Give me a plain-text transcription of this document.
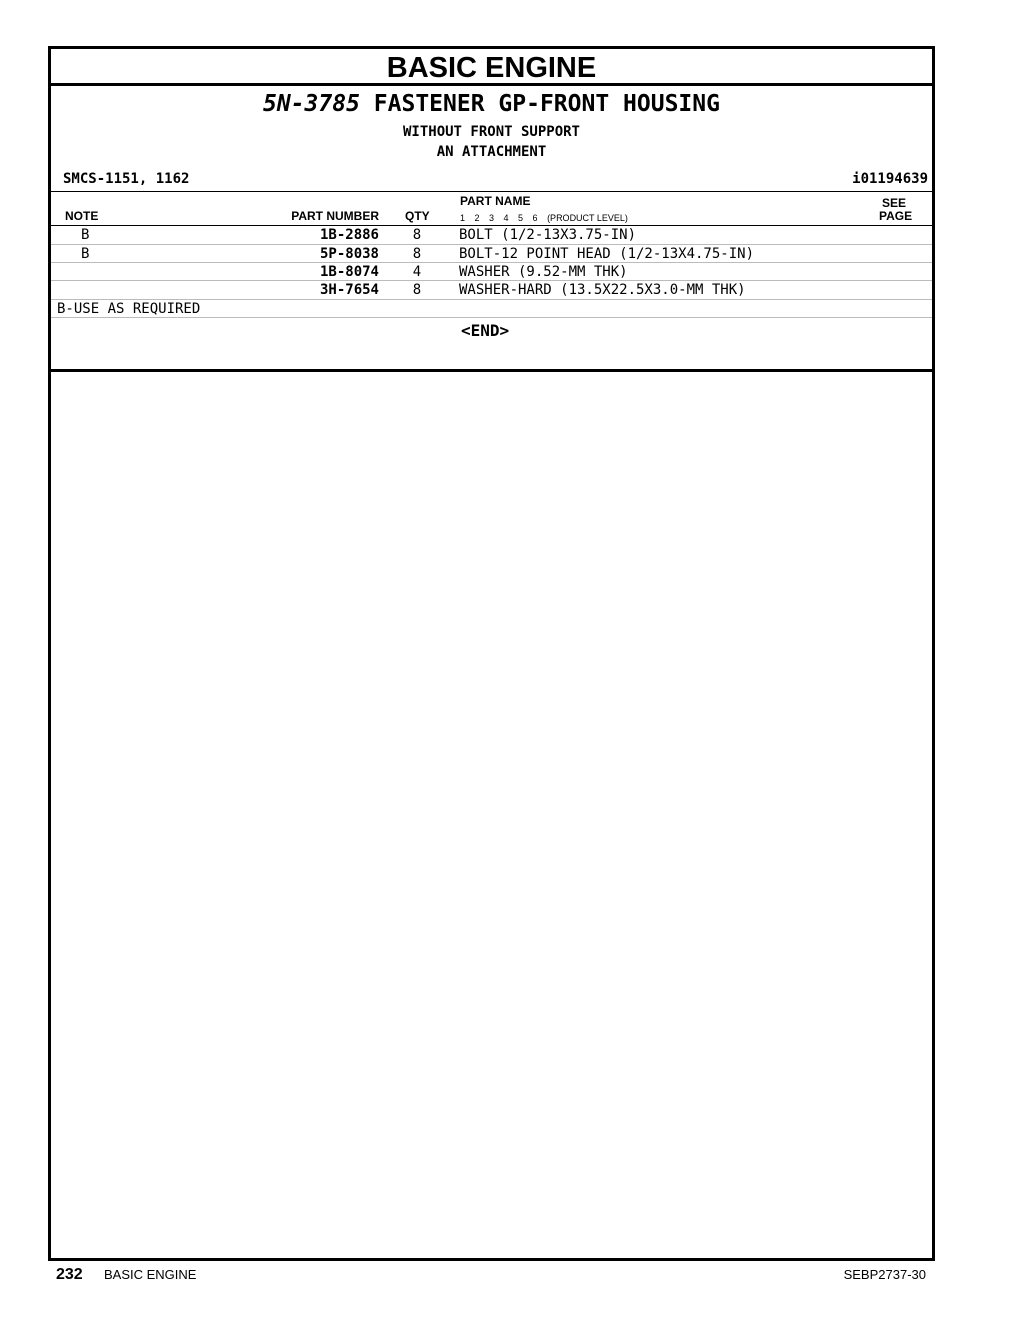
BASIC ENGINE
5N-3785 FASTENER GP-FRONT HOUSING
WITHOUT FRONT SUPPORT
AN ATTACHMENT
SMCS-1151, 1162	i01194639
PART NAME	SEE
NOTE	PART NUMBER QTY	PAGE
1 2 3 4 5 6 (PRODUCT LEVEL)
B	1B-2886 8	BOLT (1/2-13X3.75-IN)
B	5P-8038 8	BOLT-12 POINT HEAD (1/2-13X4.75-IN)
1B-8074 4	WASHER (9.52-MM THK)
3H-7654 8	WASHER-HARD (13.5X22.5X3.0-MM THK)
B-USE AS REQUIRED
<END>
232 BASIC ENGINE	SEBP2737-30
